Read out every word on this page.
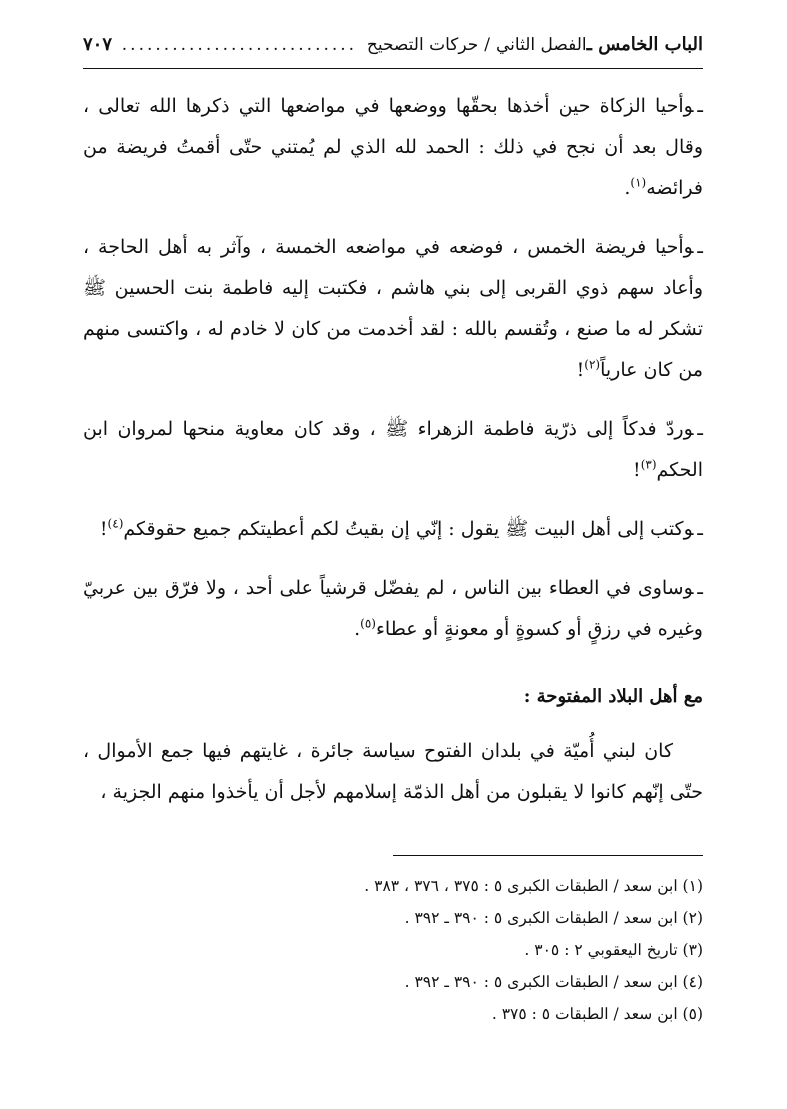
الباب الخامس ـ
الفصل الثاني
/
حركات التصحيح
............................
٧٠٧

ـوأحيا الزكاة حين أخذها بحقّها ووضعها في مواضعها التي ذكرها الله تعالى ، وقال بعد أن نجح في ذلك : الحمد لله الذي لم يُمتني حتّى أقمتُ فريضة من فرائضه$^{(١)}$.

ـوأحيا فريضة الخمس ، فوضعه في مواضعه الخمسة ، وآثر به أهل الحاجة ، وأعاد سهم ذوي القربى إلى بني هاشم ، فكتبت إليه فاطمة بنت الحسين ﷺ تشكر له ما صنع ، وتُقسم بالله : لقد أخدمت من كان لا خادم له ، واكتسى منهم من كان عارياً$^{(٢)}$!

ـوردّ فدكاً إلى ذرّية فاطمة الزهراء ﷺ ، وقد كان معاوية منحها لمروان ابن الحكم$^{(٣)}$!

ـوكتب إلى أهل البيت ﷺ يقول : إنّي إن بقيتُ لكم أعطيتكم جميع حقوقكم$^{(٤)}$!

ـوساوى في العطاء بين الناس ، لم يفضّل قرشياً على أحد ، ولا فرّق بين عربيّ وغيره في رزقٍ أو كسوةٍ أو معونةٍ أو عطاء$^{(٥)}$.

مع أهل البلاد المفتوحة :

كان لبني أُميّة في بلدان الفتوح سياسة جائرة ، غايتهم فيها جمع الأموال ، حتّى إنّهم كانوا لا يقبلون من أهل الذمّة إسلامهم لأجل أن يأخذوا منهم الجزية ،

(١) ابن سعد / الطبقات الكبرى ٥ : ٣٧٥ ، ٣٧٦ ، ٣٨٣ .
(٢) ابن سعد / الطبقات الكبرى ٥ : ٣٩٠ ـ ٣٩٢ .
(٣) تاريخ اليعقوبي ٢ : ٣٠٥ .
(٤) ابن سعد / الطبقات الكبرى ٥ : ٣٩٠ ـ ٣٩٢ .
(٥) ابن سعد / الطبقات ٥ : ٣٧٥ .
